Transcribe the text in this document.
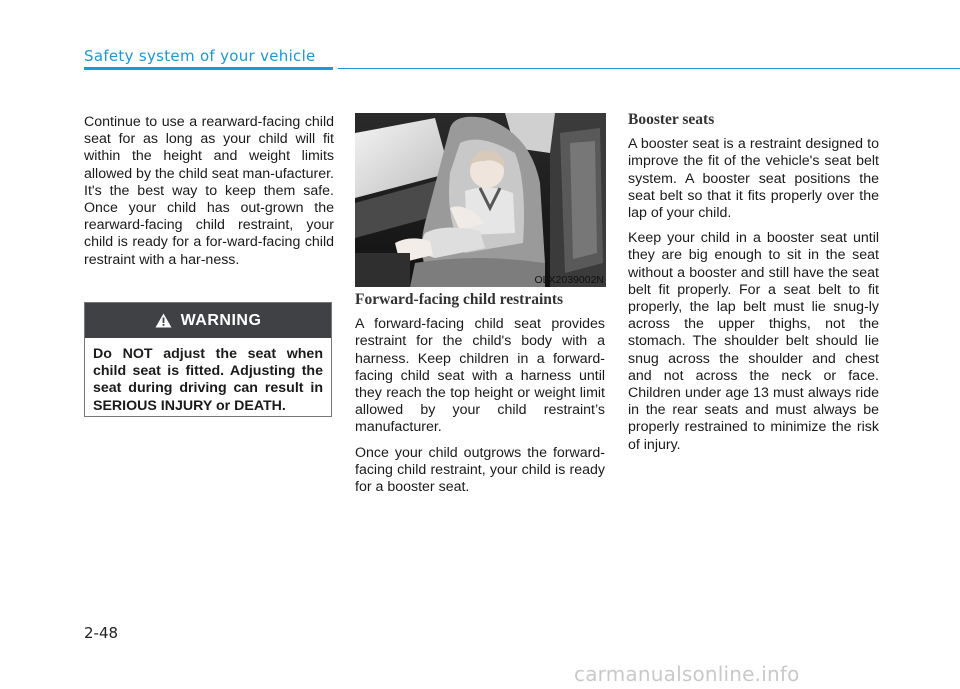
Safety system of your vehicle

Continue to use a rearward-facing child seat for as long as your child will fit within the height and weight limits allowed by the child seat man-ufacturer. It's the best way to keep them safe. Once your child has out-grown the rearward-facing child restraint, your child is ready for a for-ward-facing child restraint with a har-ness.

WARNING
Do NOT adjust the seat when child seat is fitted. Adjusting the seat during driving can result in SERIOUS INJURY or DEATH.
OLX2039002N

Forward-facing child restraints

A forward-facing child seat provides restraint for the child's body with a harness. Keep children in a forward-facing child seat with a harness until they reach the top height or weight limit allowed by your child restraint’s manufacturer.

Once your child outgrows the forward-facing child restraint, your child is ready for a booster seat.

Booster seats

A booster seat is a restraint designed to improve the fit of the vehicle's seat belt system. A booster seat positions the seat belt so that it fits properly over the lap of your child.

Keep your child in a booster seat until they are big enough to sit in the seat without a booster and still have the seat belt fit properly. For a seat belt to fit properly, the lap belt must lie snug-ly across the upper thighs, not the stomach. The shoulder belt should lie snug across the shoulder and chest and not across the neck or face. Children under age 13 must always ride in the rear seats and must always be properly restrained to minimize the risk of injury.

2-48
carmanualsonline.info
